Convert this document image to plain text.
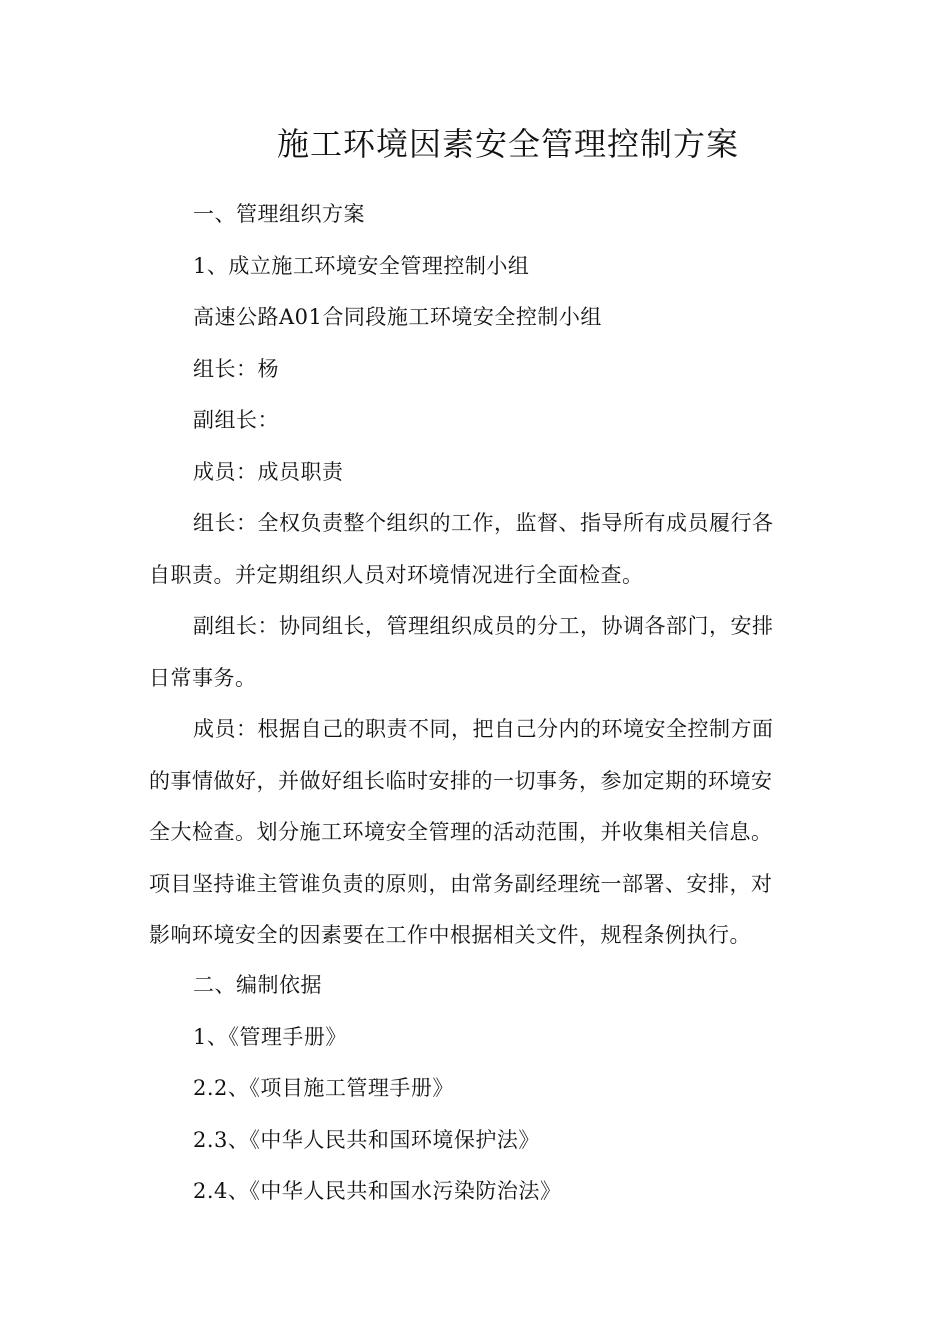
施工环境因素安全管理控制方案
一、管理组织方案
1、成立施工环境安全管理控制小组
高速公路A01合同段施工环境安全控制小组
组长：杨
副组长：
成员：成员职责
组长：全权负责整个组织的工作，监督、指导所有成员履行各
自职责。并定期组织人员对环境情况进行全面检查。
副组长：协同组长，管理组织成员的分工，协调各部门，安排
日常事务。
成员：根据自己的职责不同，把自己分内的环境安全控制方面
的事情做好，并做好组长临时安排的一切事务，参加定期的环境安
全大检查。划分施工环境安全管理的活动范围，并收集相关信息。
项目坚持谁主管谁负责的原则，由常务副经理统一部署、安排，对
影响环境安全的因素要在工作中根据相关文件，规程条例执行。
二、编制依据
1、《管理手册》
2.2、《项目施工管理手册》
2.3、《中华人民共和国环境保护法》
2.4、《中华人民共和国水污染防治法》
